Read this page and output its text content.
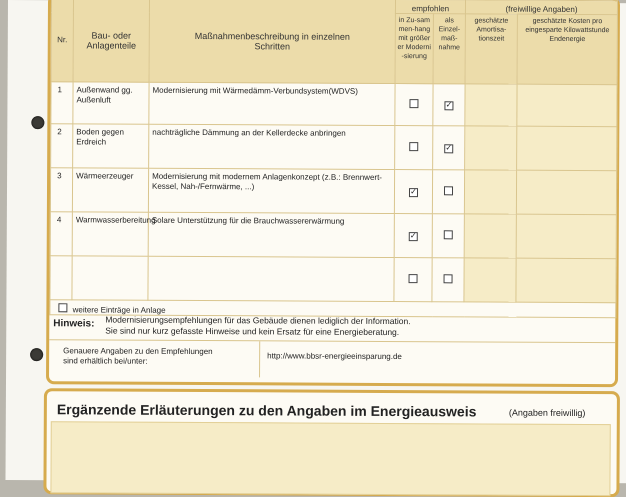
Nr.	Bau- oder Anlagenteile	Maßnahmenbeschreibung in einzelnen Schritten	empfohlen		(freiwillige Angaben)	
			in Zu-sammen-hang mit größerer Moderni-sierung	als Einzel-maß-nahme	geschätzte Amortisa-tionszeit	geschätzte Kosten pro eingesparte Kilowattstunde Endenergie
1	Außenwand gg. Außenluft	Modernisierung mit Wärmedämm-Verbundsystem(WDVS)		✓		
2	Boden gegen Erdreich	nachträgliche Dämmung an der Kellerdecke anbringen		✓		
3	Wärmeerzeuger	Modernisierung mit modernem Anlagenkonzept (z.B.: Brennwert-Kessel, Nah-/Fernwärme, ...)	✓			
4	Warmwasserbereitung	Solare Unterstützung für die Brauchwassererwärmung	✓			

weitere Einträge in Anlage						
Hinweis: Modernisierungsempfehlungen für das Gebäude dienen lediglich der Information.
Sie sind nur kurz gefasste Hinweise und kein Ersatz für eine Energieberatung.
Genauere Angaben zu den Empfehlungen
sind erhältlich bei/unter:	http://www.bbsr-energieeinsparung.de
Ergänzende Erläuterungen zu den Angaben im Energieausweis	(Angaben freiwillig)
